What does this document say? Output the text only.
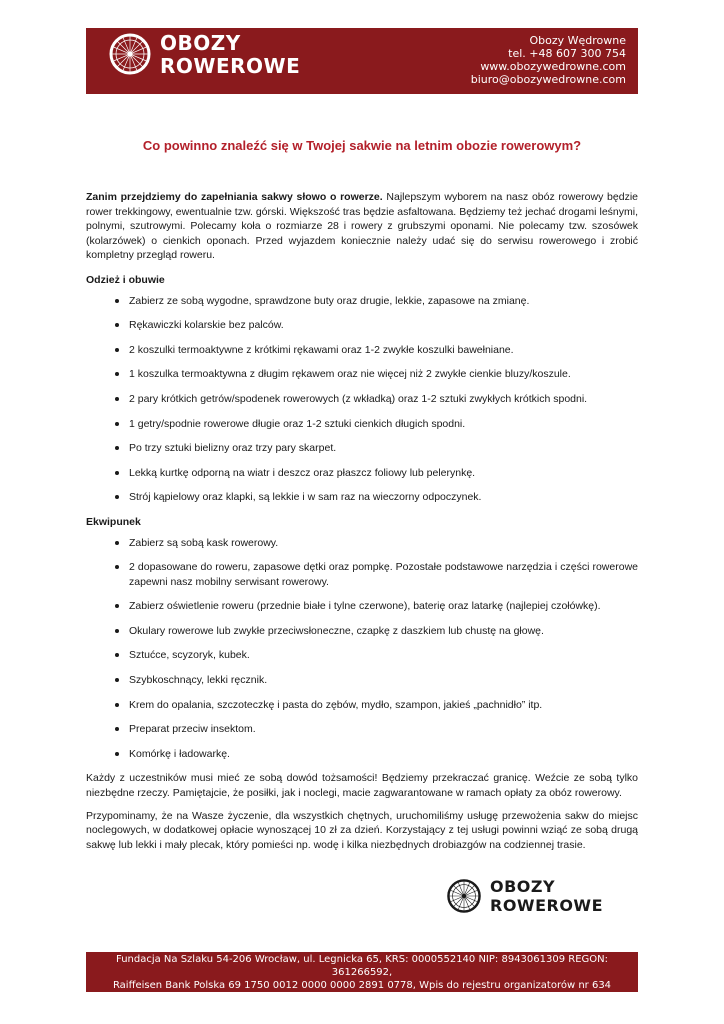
OBOZY
ROWEROWE
Obozy Wędrowne
tel. +48 607 300 754
www.obozywedrowne.com
biuro@obozywedrowne.com
Co powinno znaleźć się w Twojej sakwie na letnim obozie rowerowym?

Zanim przejdziemy do zapełniania sakwy słowo o rowerze. Najlepszym wyborem na nasz obóz rowerowy będzie rower trekkingowy, ewentualnie tzw. górski. Większość tras będzie asfaltowana. Będziemy też jechać drogami leśnymi, polnymi, szutrowymi. Polecamy koła o rozmiarze 28 i rowery z grubszymi oponami. Nie polecamy tzw. szosówek (kolarzówek) o cienkich oponach. Przed wyjazdem koniecznie należy udać się do serwisu rowerowego i zrobić kompletny przegląd roweru.

Odzież i obuwie
Zabierz ze sobą wygodne, sprawdzone buty oraz drugie, lekkie, zapasowe na zmianę.
Rękawiczki kolarskie bez palców.
2 koszulki termoaktywne z krótkimi rękawami oraz 1-2 zwykłe koszulki bawełniane.
1 koszulka termoaktywna z długim rękawem oraz nie więcej niż 2 zwykłe cienkie bluzy/koszule.
2 pary krótkich getrów/spodenek rowerowych (z wkładką) oraz 1-2 sztuki zwykłych krótkich spodni.
1 getry/spodnie rowerowe długie oraz 1-2 sztuki cienkich długich spodni.
Po trzy sztuki bielizny oraz trzy pary skarpet.
Lekką kurtkę odporną na wiatr i deszcz oraz płaszcz foliowy lub pelerynkę.
Strój kąpielowy oraz klapki, są lekkie i w sam raz na wieczorny odpoczynek.
Ekwipunek
Zabierz są sobą kask rowerowy.
2 dopasowane do roweru, zapasowe dętki oraz pompkę. Pozostałe podstawowe narzędzia i części rowerowe zapewni nasz mobilny serwisant rowerowy.
Zabierz oświetlenie roweru (przednie białe i tylne czerwone), baterię oraz latarkę (najlepiej czołówkę).
Okulary rowerowe lub zwykłe przeciwsłoneczne, czapkę z daszkiem lub chustę na głowę.
Sztućce, scyzoryk, kubek.
Szybkoschnący, lekki ręcznik.
Krem do opalania, szczoteczkę i pasta do zębów, mydło, szampon, jakieś „pachnidło” itp.
Preparat przeciw insektom.
Komórkę i ładowarkę.

Każdy z uczestników musi mieć ze sobą dowód tożsamości! Będziemy przekraczać granicę. Weźcie ze sobą tylko niezbędne rzeczy. Pamiętajcie, że posiłki, jak i noclegi, macie zagwarantowane w ramach opłaty za obóz rowerowy.

Przypominamy, że na Wasze życzenie, dla wszystkich chętnych, uruchomiliśmy usługę przewożenia sakw do miejsc noclegowych, w dodatkowej opłacie wynoszącej 10 zł za dzień. Korzystający z tej usługi powinni wziąć ze sobą drugą sakwę lub lekki i mały plecak, który pomieści np. wodę i kilka niezbędnych drobiazgów na codziennej trasie.

OBOZY
ROWEROWE
Fundacja Na Szlaku 54-206 Wrocław, ul. Legnicka 65, KRS: 0000552140 NIP: 8943061309 REGON: 361266592,
Raiffeisen Bank Polska 69 1750 0012 0000 0000 2891 0778, Wpis do rejestru organizatorów nr 634
